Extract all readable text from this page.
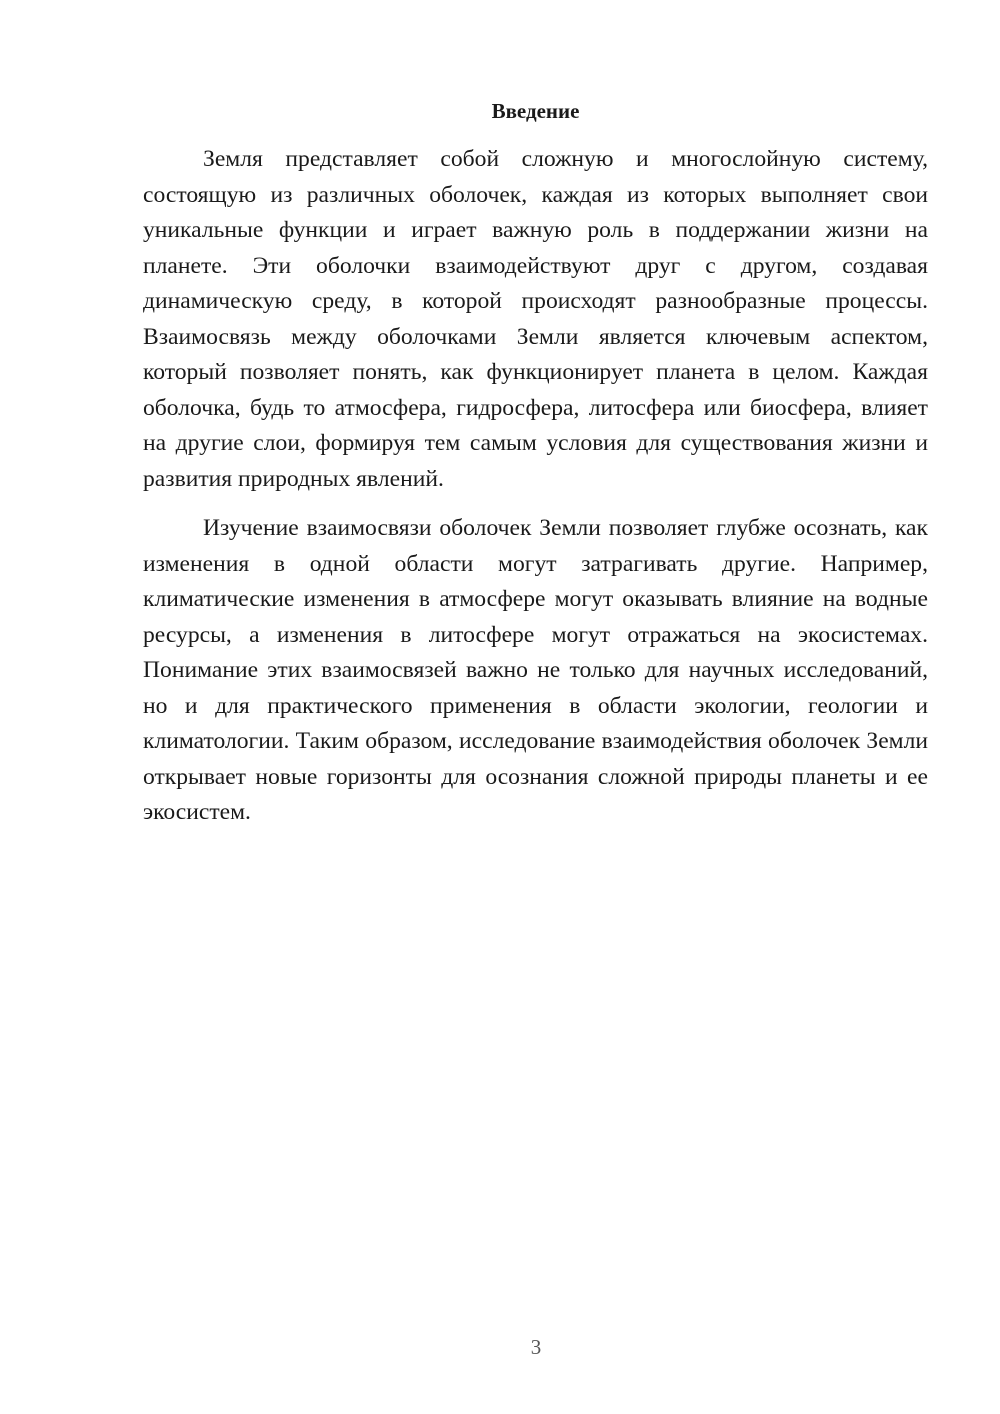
Введение

Земля представляет собой сложную и многослойную систему, состоящую из различных оболочек, каждая из которых выполняет свои уникальные функции и играет важную роль в поддержании жизни на планете. Эти оболочки взаимодействуют друг с другом, создавая динамическую среду, в которой происходят разнообразные процессы. Взаимосвязь между оболочками Земли является ключевым аспектом, который позволяет понять, как функционирует планета в целом. Каждая оболочка, будь то атмосфера, гидросфера, литосфера или биосфера, влияет на другие слои, формируя тем самым условия для существования жизни и развития природных явлений.

Изучение взаимосвязи оболочек Земли позволяет глубже осознать, как изменения в одной области могут затрагивать другие. Например, климатические изменения в атмосфере могут оказывать влияние на водные ресурсы, а изменения в литосфере могут отражаться на экосистемах. Понимание этих взаимосвязей важно не только для научных исследований, но и для практического применения в области экологии, геологии и климатологии. Таким образом, исследование взаимодействия оболочек Земли открывает новые горизонты для осознания сложной природы планеты и ее экосистем.

3
